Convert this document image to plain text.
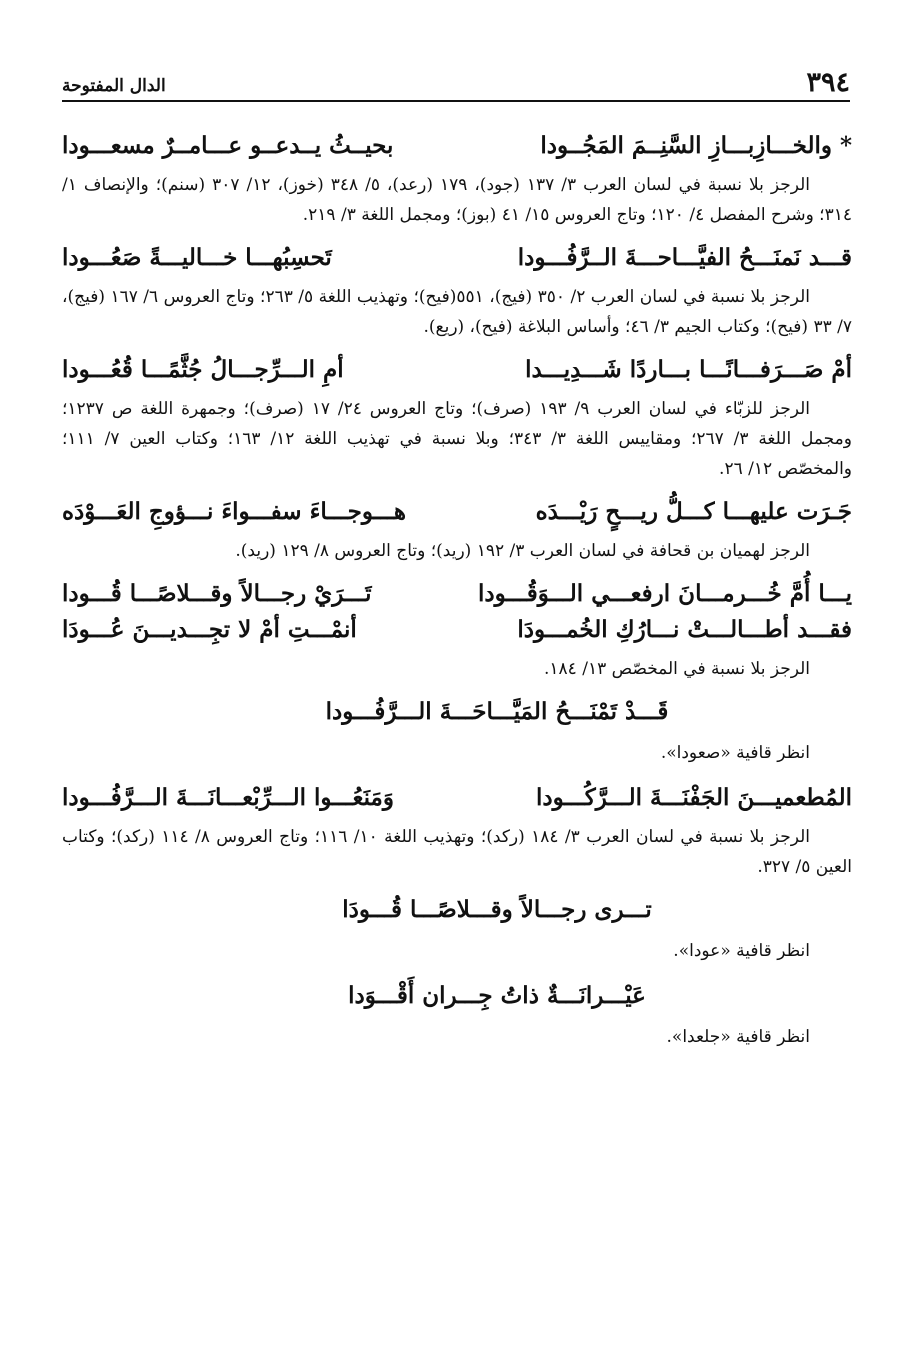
٣٩٤
الدال المفتوحة
* والخـــازِبـــازِ السَّنِــمَ المَجُــودا
بحيــثُ يــدعــو عـــامــرٌ مسعـــودا
الرجز بلا نسبة في لسان العرب ٣/ ١٣٧ (جود)، ١٧٩ (رعد)، ٥/ ٣٤٨ (خوز)، ١٢/ ٣٠٧ (سنم)؛ والإنصاف ١/ ٣١٤؛ وشرح المفصل ٤/ ١٢٠؛ وتاج العروس ١٥/ ٤١ (بوز)؛ ومجمل اللغة ٣/ ٢١٩.
قـــد نَمنَـــحُ الفيَّـــاحـــةَ الــرَّفُـــودا
تَحسِبُهـــا خـــاليـــةً صَعُـــودا
الرجز بلا نسبة في لسان العرب ٢/ ٣٥٠ (فيج)، ٥٥١(فيح)؛ وتهذيب اللغة ٥/ ٢٦٣؛ وتاج العروس ٦/ ١٦٧ (فيج)، ٧/ ٣٣ (فيح)؛ وكتاب الجيم ٣/ ٤٦؛ وأساس البلاغة (فيح)، (ريع).
أمْ صَـــرَفـــانًـــا بـــاردًا شَـــدِيـــدا
أمِ الـــرِّجـــالُ جُثَّمًـــا قُعُـــودا
الرجز للزبّاء في لسان العرب ٩/ ١٩٣ (صرف)؛ وتاج العروس ٢٤/ ١٧ (صرف)؛ وجمهرة اللغة ص ١٢٣٧؛ ومجمل اللغة ٣/ ٢٦٧؛ ومقاييس اللغة ٣/ ٣٤٣؛ وبلا نسبة في تهذيب اللغة ١٢/ ١٦٣؛ وكتاب العين ٧/ ١١١؛ والمخصّص ١٢/ ٢٦.
جَـرَت عليهـــا كـــلُّ ريـــحٍ رَيْـــدَه
هـــوجـــاءَ سفـــواءَ نـــؤوجِ العَـــوْدَه
الرجز لهميان بن قحافة في لسان العرب ٣/ ١٩٢ (ريد)؛ وتاج العروس ٨/ ١٢٩ (ريد).
يـــا أُمَّ خُـــرمـــانَ ارفعـــي الـــوَقُـــودا
تَـــرَيْ رجـــالاً وقـــلاصًـــا قُـــودا
فقـــد أطـــالـــتْ نـــارُكِ الخُمـــودَا
أنمْـــتِ أمْ لا تجِـــديـــنَ عُـــودَا
الرجز بلا نسبة في المخصّص ١٣/ ١٨٤.
قَـــدْ تَمْنَـــحُ المَيَّـــاحَـــةَ الـــرَّفُـــودا
انظر قافية «صعودا».
المُطعميـــنَ الجَفْنَـــةَ الـــرَّكُـــودا
وَمَنَعُـــوا الـــرِّبْعـــانَـــةَ الـــرَّفُـــودا
الرجز بلا نسبة في لسان العرب ٣/ ١٨٤ (ركد)؛ وتهذيب اللغة ١٠/ ١١٦؛ وتاج العروس ٨/ ١١٤ (ركد)؛ وكتاب العين ٥/ ٣٢٧.
تـــرى رجـــالاً وقـــلاصًـــا قُـــودَا
انظر قافية «عودا».
عَيْـــرانَـــةٌ ذاتُ جِـــران أَقْـــوَدا
انظر قافية «جلعدا».
